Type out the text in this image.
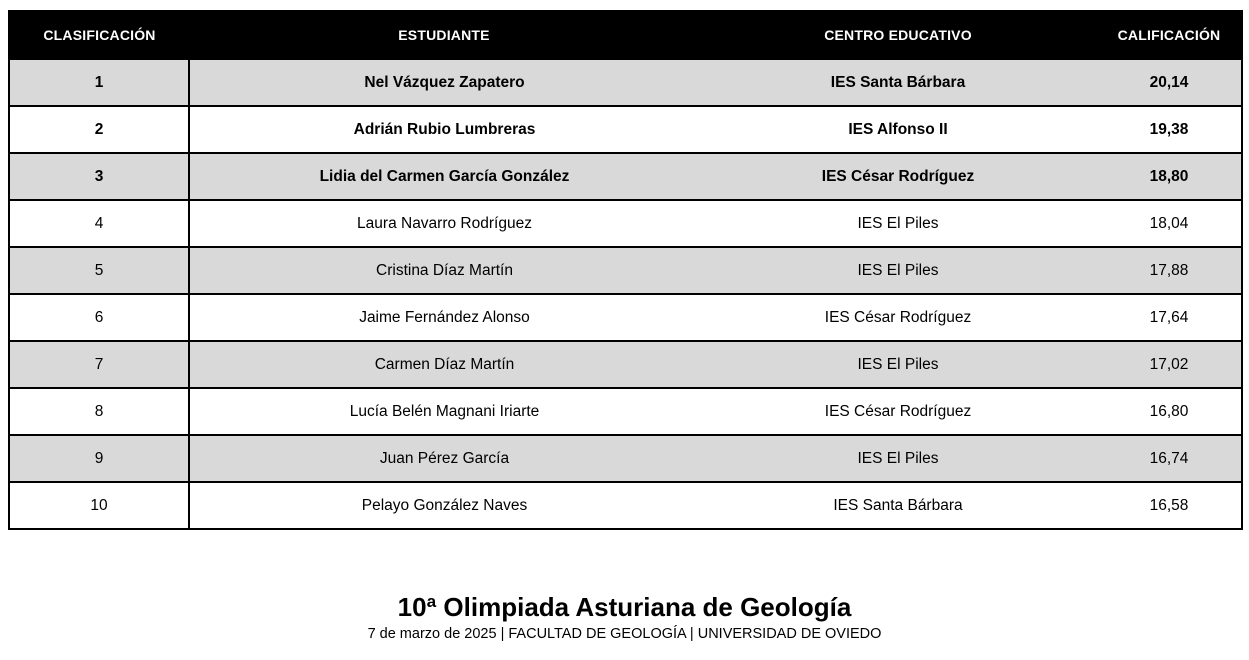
CLASIFICACIÓN	ESTUDIANTE	CENTRO EDUCATIVO	CALIFICACIÓN
1	Nel Vázquez Zapatero	IES Santa Bárbara	20,14
2	Adrián Rubio Lumbreras	IES Alfonso II	19,38
3	Lidia del Carmen García González	IES César Rodríguez	18,80
4	Laura Navarro Rodríguez	IES El Piles	18,04
5	Cristina Díaz Martín	IES El Piles	17,88
6	Jaime Fernández Alonso	IES César Rodríguez	17,64
7	Carmen Díaz Martín	IES El Piles	17,02
8	Lucía Belén Magnani Iriarte	IES César Rodríguez	16,80
9	Juan Pérez García	IES El Piles	16,74
10	Pelayo González Naves	IES Santa Bárbara	16,58

10ª Olimpiada Asturiana de Geología

7 de marzo de 2025 | FACULTAD DE GEOLOGÍA | UNIVERSIDAD DE OVIEDO
